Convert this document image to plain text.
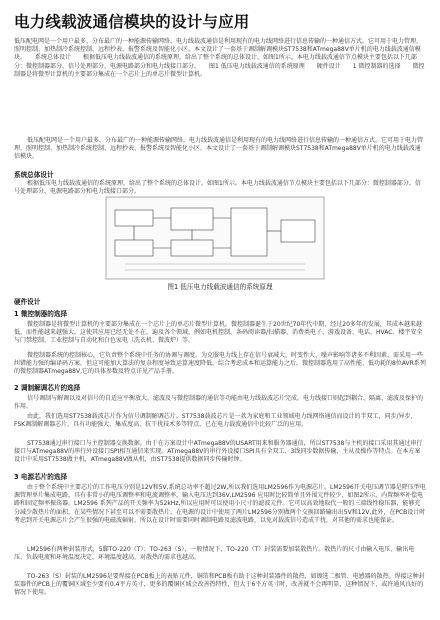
电力线载波通信模块的设计与应用
低压配电网是一个用户最多，分布最广的一种能源传输网络，电力线载波通信是利用现有的电力线网络进行信息传输的一种通信方式。它可用于电力管理、照明控制、加热制冷系统控制、远程抄表、报警系统及智能化小区。本文设计了一套基于调制解调模块ST7538和ATmega88V单片机的电力线载波通信模块。　　系统总体设计　　根据低压电力线载波通信的系统原理，给出了整个系统的总体设计，如图1所示。本电力线载波通信节点模块主要包括以下几部分：微控制器部分、信号处理部分、电源电路部分和电力线接口部分。　　图1 低压电力线载波通信的系统原理　　硬件设计　　1 微控制器的选择　　微控制器是将微型计算机的主要部分集成在一个芯片上的单芯片微型计算机。
低压配电网是一个用户最多，分布最广的一种能源传输网络，电力线载波通信是利用现有的电力线网络进行信息传输的一种通信方式。它可用于电力管理、照明控制、加热制冷系统控制、远程抄表、报警系统及智能化小区。本文设计了一套基于调制解调模块ST7538和ATmega88V单片机的电力线载波通信模块。
系统总体设计
根据低压电力线载波通信的系统原理，给出了整个系统的总体设计，如图1所示。本电力线载波通信节点模块主要包括以下几部分：微控制器部分、信号处理部分、电源电路部分和电力线接口部分。
图1 低压电力线载波通信的系统原理
硬件设计
1 微控制器的选择
微控制器是将微型计算机的主要部分集成在一个芯片上的单芯片微型计算机。微控制器诞生于20世纪70年代中期，经过20多年的发展，其成本越来越低，而性能越来越强大，这使其应用已经无处不在，遍及各个领域。例如电机控制、条码阅读器/扫描器、消费类电子、游戏设备、电话、HVAC、楼宇安全与门禁控制、工业控制与自动化和白色家电（洗衣机、微波炉）等。
微控制器系统的控制核心，它负责整个系统中任务的协调与调度。为克服电力线上存在信号衰减大、时变性大、噪声影响等诸多不利因素，需采用一些纠错能力强的编译码方案，但这可能加大算法的复杂程度导致运算速度降低。综合考虑成本和运算能力之后，微控制器选用了高性能、低功耗的8位AVR系列的微控制器ATmega88V,它的具体参数及特点详见产品手册。
2 调制解调芯片的选择
信号调制与解调以及对信号的自适应平衡放大、滤波及与微控制器的通信等功能由电力线载波芯片完成。电力线接口则起到耦合、隔离、滤波及保护的作用。
由此，我们选用ST7538载波芯片作为信号调制解调芯片。ST7538载波芯片是一款为家庭和工业领域电力线网络通信而设计的半双工，同步/异步，FSK调制解调器芯片，具有功能强大、集成度高、抗干扰技术多等特点，已在电力载波通信中比较广泛的应用。
ST7538通过串行接口与主控制器交换数据。由于在方案设计中ATmega88V的USART用来和服务器通信，所以ST7538与主机的接口采用其通过串行接口与ATmega88V的串行外设接口SPI相互通信来实现。ATmega88V的串行外设接口SPI具有全双工、3线同步数据传输、主从及操作等特点。在本方案设计中采用ST7538做主机，ATmega88V做从机，由ST7538提供数据同步传输时钟。
3 电源芯片的选择
由于整个系统中主要芯片的工作电压分别是12V和5V,系统总功率不超过2W,所以我们选用LM2596作为电源芯片。LM2596开关电压调节器是降压型电源管理单片集成电路，具有非常小的电压调整率和电流调整率，输入电压达到36V,LM2596 应用时比较简单且外围元件较少，如图2所示，内置频率补偿电路和固定频率振荡器。LM2596 系列产品的开关频率为52kHz,所以应用时可以使用小尺寸的滤波元件。它可以高效地取代一般的三端线性稳压器，能够充分减少散热片的面积，在某些情况下甚至可以不需要散热片。在电源的设计中使用了两片LM2596分别做两个交换回路输出出5V和12V,此外，在PCB设计时考虑到开关电源芯片会产生很强的电磁波辐射，所以在设计时需要同时调制电路及滤波电路，以免对载波信号造成干扰，对其他的需求也能保证。
LM2596有两种封装形式，5脚TO-220（T）；TO-263（S），一般情况下，TO-220（T）封装需要加装散热片。散热片的尺寸由输入电压、输出电压、负载电流和环境温度决定，环境温度越高，对散热的需求也越高。
TO-263（S）封装的LM2596是要焊接在PCB板上的表贴元件，铜箔和PCB板有助于这种封装器件的散热，如镀选二极管、电感器的散热。焊接这种封装器件的PCB上的覆铜区域至少要有0.4平方英寸，更多的覆铜区域会改善热特性，但大于6平方英寸时，改善就不会再明显，这种情况下，或许通风良好的情况下使用。
